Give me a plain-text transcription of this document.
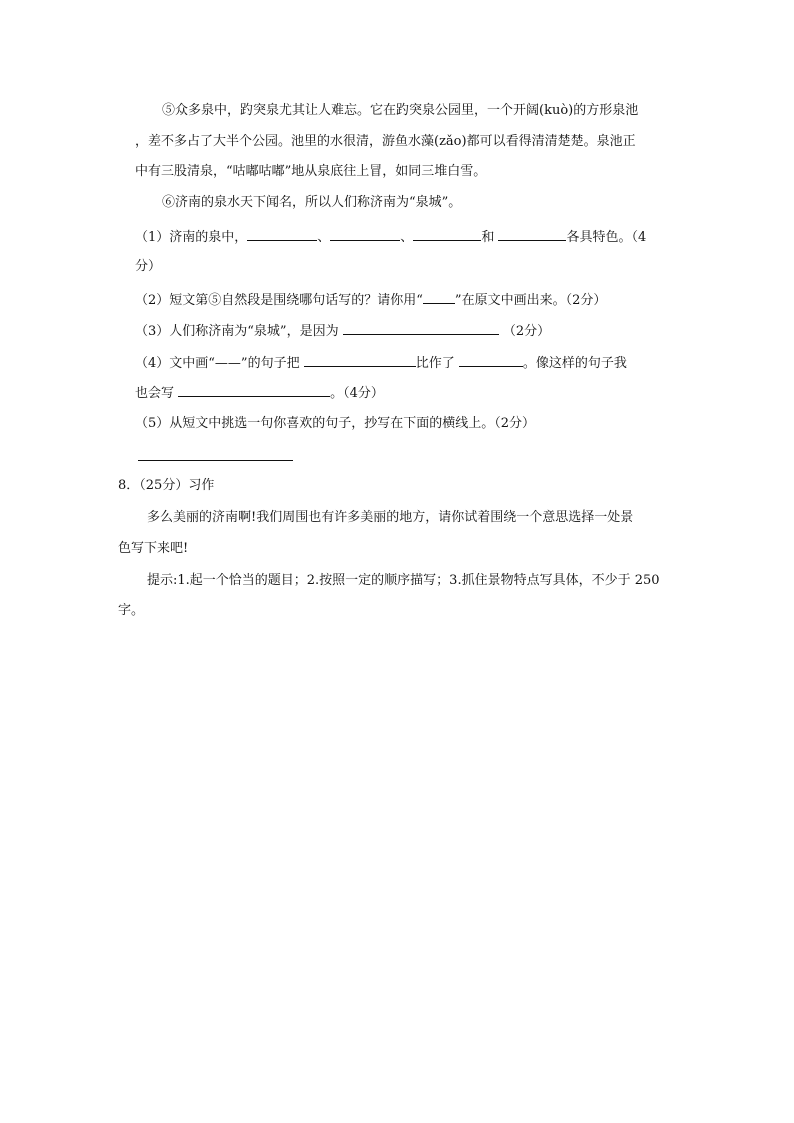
⑤众多泉中，趵突泉尤其让人难忘。它在趵突泉公园里，一个开阔(kuò)的方形泉池
，差不多占了大半个公园。池里的水很清，游鱼水藻(zǎo)都可以看得清清楚楚。泉池正
中有三股清泉，“咕嘟咕嘟”地从泉底往上冒，如同三堆白雪。
⑥济南的泉水天下闻名，所以人们称济南为“泉城”。
（1）济南的泉中，	、	、	和	各具特色。（4
分）
（2）短文第⑤自然段是围绕哪句话写的？请你用“ ”在原文中画出来。（2分）
（3）人们称济南为“泉城”，是因为	（2分）
（4）文中画“——”的句子把	比作了	。像这样的句子我
也会写	。（4分）
（5）从短文中挑选一句你喜欢的句子，抄写在下面的横线上。（2分）
8．（25分）习作
多么美丽的济南啊!我们周围也有许多美丽的地方，请你试着围绕一个意思选择一处景
色写下来吧!
提示:1.起一个恰当的题目；2.按照一定的顺序描写；3.抓住景物特点写具体，不少于 250
字。
